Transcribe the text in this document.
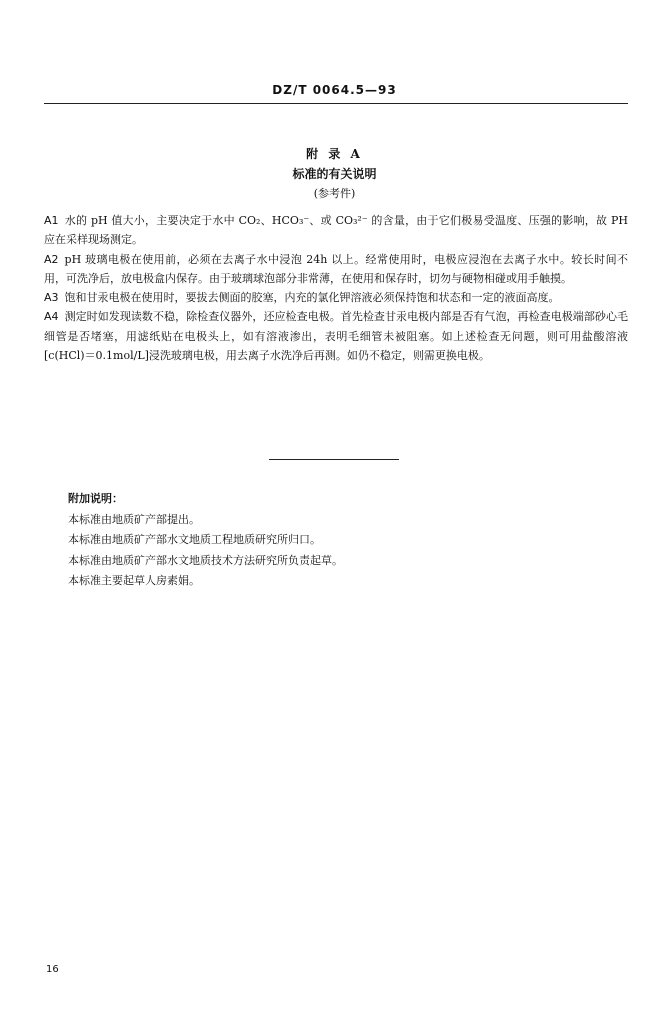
DZ/T 0064.5—93
附 录 A
标准的有关说明
(参考件)

A1 水的 pH 值大小，主要决定于水中 CO₂、HCO₃⁻、或 CO₃²⁻ 的含量，由于它们极易受温度、压强的影响，故 PH 应在采样现场测定。

A2 pH 玻璃电极在使用前，必须在去离子水中浸泡 24h 以上。经常使用时，电极应浸泡在去离子水中。较长时间不用，可洗净后，放电极盒内保存。由于玻璃球泡部分非常薄，在使用和保存时，切勿与硬物相碰或用手触摸。

A3 饱和甘汞电极在使用时，要拔去侧面的胶塞，内充的氯化钾溶液必须保持饱和状态和一定的液面高度。

A4 测定时如发现读数不稳，除检查仪器外，还应检查电极。首先检查甘汞电极内部是否有气泡，再检查电极端部砂心毛细管是否堵塞，用滤纸贴在电极头上，如有溶液渗出，表明毛细管未被阻塞。如上述检查无问题，则可用盐酸溶液[c(HCl)＝0.1mol/L]浸洗玻璃电极，用去离子水洗净后再测。如仍不稳定，则需更换电极。

附加说明：
本标准由地质矿产部提出。
本标准由地质矿产部水文地质工程地质研究所归口。
本标准由地质矿产部水文地质技术方法研究所负责起草。
本标准主要起草人房素娟。
16
